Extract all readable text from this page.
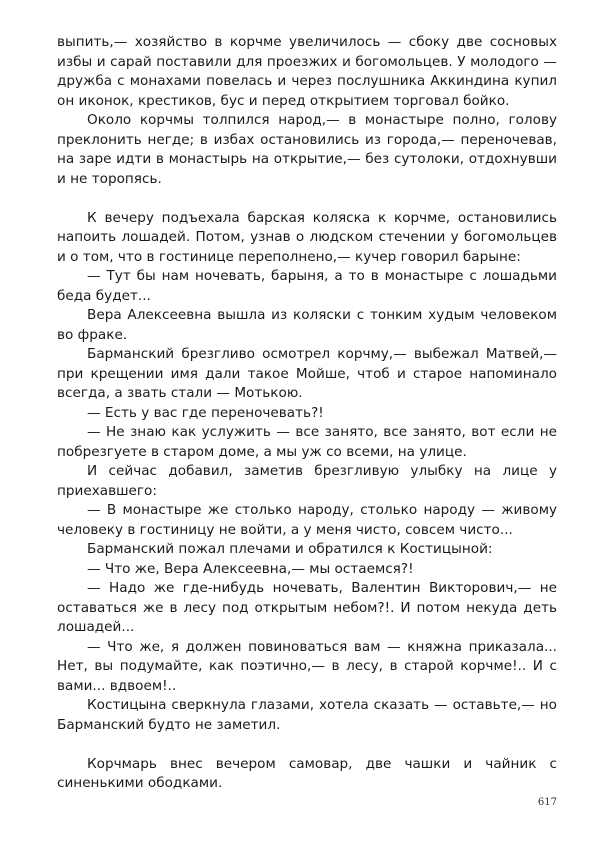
выпить,— хозяйство в корчме увеличилось — сбоку две сосновых избы и сарай поставили для проезжих и богомольцев. У молодого — дружба с монахами повелась и через послушника Аккиндина купил он иконок, крестиков, бус и перед открытием торговал бойко.

Около корчмы толпился народ,— в монастыре полно, голову преклонить негде; в избах остановились из города,— переночевав, на заре идти в монастырь на открытие,— без сутолоки, отдохнувши и не торопясь.

К вечеру подъехала барская коляска к корчме, остановились напоить лошадей. Потом, узнав о людском стечении у богомольцев и о том, что в гостинице переполнено,— кучер говорил барыне:

— Тут бы нам ночевать, барыня, а то в монастыре с лошадьми беда будет...

Вера Алексеевна вышла из коляски с тонким худым человеком во фраке.

Барманский брезгливо осмотрел корчму,— выбежал Матвей,— при крещении имя дали такое Мойше, чтоб и старое напоминало всегда, а звать стали — Мотькою.

— Есть у вас где переночевать?!

— Не знаю как услужить — все занято, все занято, вот если не побрезгуете в старом доме, а мы уж со всеми, на улице.

И сейчас добавил, заметив брезгливую улыбку на лице у приехавшего:

— В монастыре же столько народу, столько народу — живому человеку в гостиницу не войти, а у меня чисто, совсем чисто...

Барманский пожал плечами и обратился к Костицыной:

— Что же, Вера Алексеевна,— мы остаемся?!

— Надо же где-нибудь ночевать, Валентин Викторович,— не оставаться же в лесу под открытым небом?!. И потом некуда деть лошадей...

— Что же, я должен повиноваться вам — княжна приказала... Нет, вы подумайте, как поэтично,— в лесу, в старой корчме!.. И с вами... вдвоем!..

Костицына сверкнула глазами, хотела сказать — оставьте,— но Барманский будто не заметил.

Корчмарь внес вечером самовар, две чашки и чайник с синенькими ободками.

617
